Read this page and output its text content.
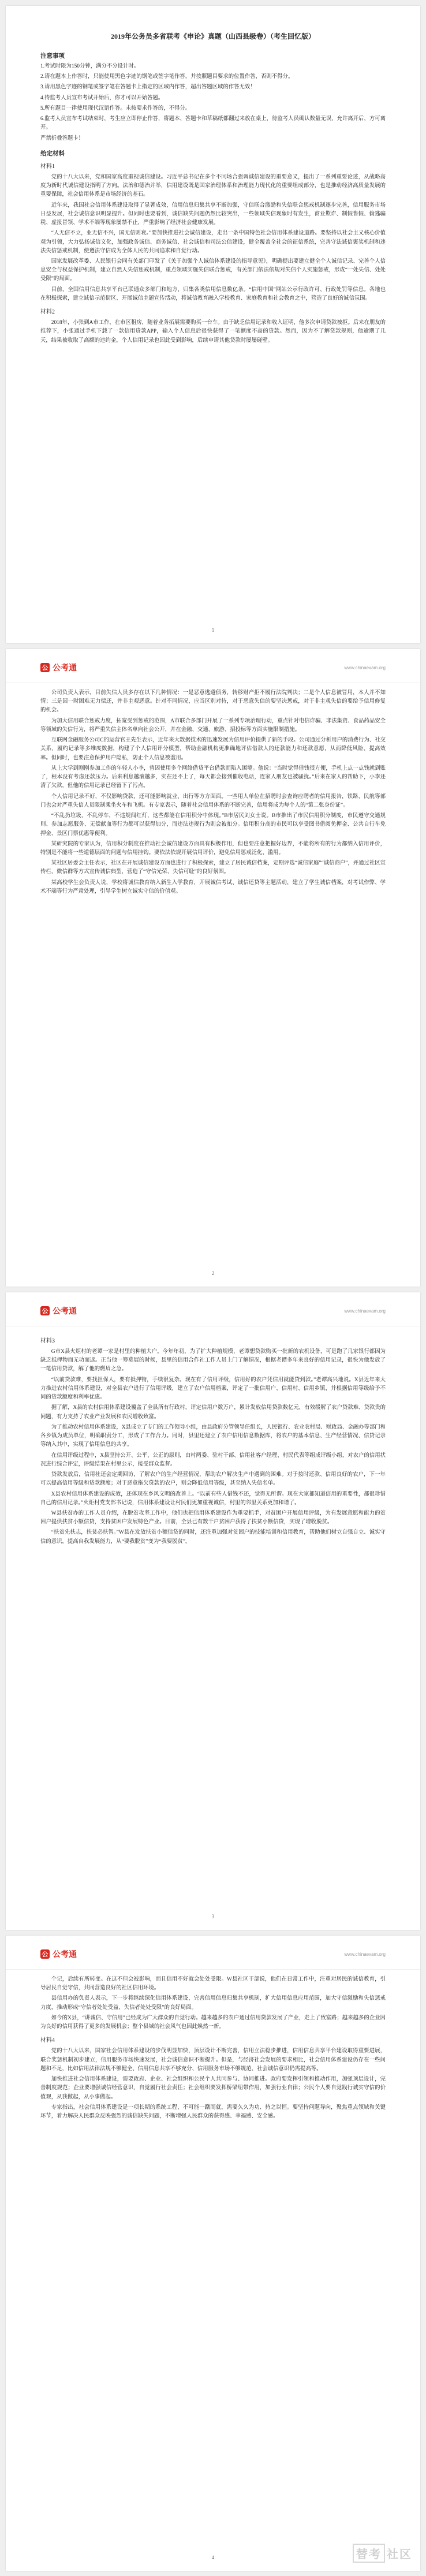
2019年公务员多省联考《申论》真题（山西县级卷）（考生回忆版）
注意事项

1.考试时限为150分钟，满分不分设计时。

2.请在题本上作答时，只能使用黑色字迹的钢笔或签字笔作答，并按照题目要求的位置作答，否则不得分。

3.请用黑色字迹的钢笔或签字笔在答题卡上指定的区域内作答，超出答题区域的作答无效！

4.待监考人员宣布考试开始后，你才可以开始答题。

5.所有题目一律使用现代汉语作答。未按要求作答的，不得分。

6.监考人员宣布考试结束时，考生应立即停止作答，将题本、答题卡和草稿纸都翻过来放在桌上，待监考人员确认数量无误、允许离开后，方可离开。

严禁折叠答题卡！

给定材料
材料1

党的十八大以来，党和国家高度重视诚信建设。习近平总书记在多个不同场合强调诚信建设的重要意义，提出了一系列重要论述，从战略高度为新时代诚信建设指明了方向。法治和德治并举，信用建设既是国家治理体系和治理能力现代化的重要组成部分，也是推动经济高质量发展的重要保障，社会信用体系是市场经济的基石。

近年来，我国社会信用体系建设取得了显著成效，信用信息归集共享不断加强，守信联合激励和失信联合惩戒机制逐步完善，信用服务市场日益发展，社会诚信意识明显提升。但同时也要看到，诚信缺失问题仍然比较突出，一些领域失信现象时有发生，商业欺诈、制假售假、偷逃骗税、虚报冒领、学术不端等现象屡禁不止，严重影响了经济社会健康发展。

“人无信不立，业无信不兴，国无信则衰。”要加快推进社会诚信建设，走出一条中国特色社会信用体系建设道路。要坚持以社会主义核心价值观为引领，大力弘扬诚信文化，加强政务诚信、商务诚信、社会诚信和司法公信建设，健全覆盖全社会的征信系统，完善守法诚信褒奖机制和违法失信惩戒机制，使遵法守信成为全体人民的共同追求和自觉行动。

国家发展改革委、人民银行会同有关部门印发了《关于加强个人诚信体系建设的指导意见》，明确提出要建立健全个人诚信记录、完善个人信息安全与权益保护机制，建立自然人失信惩戒机制，重点领域实施失信联合惩戒，有关部门依法依规对失信个人实施惩戒，形成“一处失信、处处受限”的局面。

目前，全国信用信息共享平台已联通众多部门和地方，归集各类信用信息数亿条。“信用中国”网站公示行政许可、行政处罚等信息。各地也在积极探索，建立诚信示范街区、开展诚信主题宣传活动，将诚信教育融入学校教育、家庭教育和社会教育之中，营造了良好的诚信氛围。

材料2

2018年，小张到A市工作，在市区租房，随着业务拓展需要购买一台车。由于缺乏信用记录和收入证明，他多次申请贷款被拒。后来在朋友的推荐下，小张通过手机下载了一款信用贷款APP，输入个人信息后很快获得了一笔额度不高的贷款。然而，因为不了解贷款规则，他逾期了几天，结果被收取了高额的违约金，个人信用记录也因此受到影响，后续申请其他贷款时屡屡碰壁。

1
公 公考通	www.chinaexam.org

公司负责人表示，目前失信人员多存在以下几种情况：一是恶意逃避债务，转移财产拒不履行法院判决；二是个人信息被冒用，本人并不知情；三是因一时困难无力偿还，并非主观恶意。针对不同情况，应当区别对待，对于恶意失信的要坚决惩戒，对于非主观失信的要给予信用修复的机会。

为加大信用联合惩戒力度，拓宽受到惩戒的范围，A市联合多部门开展了一系列专项治理行动，重点针对电信诈骗、非法集资、食品药品安全等领域的失信行为，将严重失信主体名单向社会公开，并在金融、交通、旅游、招投标等方面实施限制措施。

互联网金融服务公司C的运营官王先生表示，近年来大数据技术的迅速发展为信用评价提供了新的手段。公司通过分析用户的消费行为、社交关系、履约记录等多维度数据，构建了个人信用评分模型，帮助金融机构更准确地评估借款人的还款能力和还款意愿，从而降低风险、提高效率。但同时，也要注意保护用户隐私，防止个人信息被滥用。

从上大学到刚刚参加工作的年轻人小李，曾因使用多个网络借贷平台借款而陷入困境。他说：“当时觉得借钱很方便，手机上点一点钱就到账了，根本没有考虑还款压力。后来利息越滚越多，实在还不上了，每天都会接到催收电话，连家人朋友也被骚扰。”后来在家人的帮助下，小李还清了欠款，但他的信用记录已经留下了污点。

个人信用记录不好，不仅影响贷款，还可能影响就业、出行等方方面面。一些用人单位在招聘时会查询应聘者的信用报告，铁路、民航等部门也会对严重失信人员限制乘坐火车和飞机。有专家表示，随着社会信用体系的不断完善，信用将成为每个人的“第二张身份证”。

“不乱扔垃圾，不乱停车，不违规闯红灯，这些都能在信用积分中体现。”B市居民刘女士说。B市推出了市民信用积分制度，市民遵守交通规则、参加志愿服务、无偿献血等行为都可以获得加分，而违法违规行为则会被扣分。信用积分高的市民可以享受图书借阅免押金、公共自行车免押金、景区门票优惠等便利。

某研究院的专家认为，信用积分制度在推动社会诚信建设方面具有积极作用，但也要注意把握好边界，不能将所有的行为都纳入信用评价，特别是不能将一些道德层面的问题与信用挂钩。要依法依规开展信用评价，避免信用惩戒泛化、滥用。

某社区居委会主任表示，社区在开展诚信建设方面也进行了积极探索，建立了居民诚信档案，定期评选“诚信家庭”“诚信商户”，并通过社区宣传栏、微信群等方式宣传诚信典型，营造了“守信光荣、失信可耻”的良好氛围。

某高校学生会负责人说，学校将诚信教育纳入新生入学教育，开展诚信考试、诚信还贷等主题活动，建立了学生诚信档案，对考试作弊、学术不端等行为严肃处理，引导学生树立诚实守信的价值观。

2
公 公考通	www.chinaexam.org
材料3

G市X县火炬村的老谭一家是村里的种植大户。今年年初，为了扩大种植规模，老谭想贷款购买一批新的农机设备，可是跑了几家银行都因为缺乏抵押物而无功而返。正当他一筹莫展的时候，县里的信用合作社工作人员上门了解情况，根据老谭多年来良好的信用记录，很快为他发放了一笔信用贷款，解了他的燃眉之急。

“以前贷款难，要找担保人，要有抵押物，手续很复杂。现在有了信用评级，信用好的农户凭信用就能贷到款。”老谭高兴地说。X县近年来大力推进农村信用体系建设，对全县农户进行了信用评级，建立了农户信用档案，评定了一批信用户、信用村、信用乡镇，并根据信用等级给予不同的贷款额度和利率优惠。

据了解，X县的农村信用体系建设覆盖了全县所有行政村，评定信用户数万户，累计发放信用贷款数亿元，有效缓解了农户贷款难、贷款贵的问题，有力支持了农业产业发展和农民增收致富。

为了推动农村信用体系建设，X县成立了专门的工作领导小组，由县政府分管领导任组长，人民银行、农业农村局、财政局、金融办等部门和各乡镇为成员单位，明确职责分工，形成了工作合力。同时，县里还建立了农户信用信息数据库，将农户的基本信息、生产经营情况、信贷记录等纳入其中，实现了信用信息的共享。

在信用评级过程中，X县坚持公开、公平、公正的原则，由村两委、驻村干部、信用社客户经理、村民代表等组成评级小组，对农户的信用状况进行综合评定，评级结果在村里公示，接受群众监督。

贷款发放后，信用社还会定期回访，了解农户的生产经营情况，帮助农户解决生产中遇到的困难。对于按时还款、信用良好的农户，下一年可以提高信用等级和贷款额度；对于恶意拖欠贷款的农户，则会降低信用等级，甚至纳入失信名单。

X县农村信用体系建设的成效，还体现在乡风文明的改善上。“以前有些人借钱不还，觉得无所谓。现在大家都知道信用的重要性，都很珍惜自己的信用记录。”火炬村党支部书记说，信用体系建设让村民们更加重视诚信，村里的邻里关系更加和谐了。

W县扶贫办的工作人员介绍，在脱贫攻坚工作中，他们也把信用体系建设作为重要抓手，对贫困户开展信用评级，为有发展意愿和能力的贫困户提供扶贫小额信贷，支持贫困户发展特色产业。目前，全县已有数千户贫困户获得了扶贫小额信贷，实现了增收脱贫。

“扶贫先扶志，扶贫必扶智。”W县在发放扶贫小额信贷的同时，还注重加强对贫困户的技能培训和信用教育，帮助他们树立自强自立、诚实守信的意识，提高自我发展能力，从“要我脱贫”变为“我要脱贫”。

3
公 公考通	www.chinaexam.org

个记，后续有所转变。在这不但会被影响，而且信用不好就会处处受限。W县社区干部说，他们在日常工作中，注重对居民的诚信教育，引导居民自觉守信，共同营造良好的社区信用环境。

县信用办的负责人表示，下一步将继续深化信用体系建设，完善信用信息归集共享机制，扩大信用信息应用范围，加大守信激励和失信惩戒力度，推动形成“守信者处处受益、失信者处处受限”的良好局面。

如今的X县，“讲诚信、守信用”已经成为广大群众的自觉行动。越来越多的农户通过信用贷款发展了产业，走上了致富路；越来越多的企业因为良好的信用获得了更多的发展机会；整个县城的社会风气也因此焕然一新。

材料4

党的十八大以来，国家社会信用体系建设的步伐明显加快，顶层设计不断完善，信用立法稳步推进，信用信息共享平台建设取得重要进展，联合奖惩机制初步建立，信用服务市场快速发展，社会诚信意识不断提升。但是，与经济社会发展的要求相比，社会信用体系建设仍存在一些问题和不足，比如信用法律法规不够健全、信用信息共享不够充分、信用服务市场不够规范、社会诚信意识仍需提高等。

加快推进社会信用体系建设，需要政府、企业、社会组织和公民个人共同参与、协同推进。政府要发挥引领和推动作用，加强顶层设计，完善制度规范；企业要增强诚信经营意识，自觉履行社会责任；社会组织要发挥桥梁纽带作用，加强行业自律；公民个人要自觉践行诚实守信的价值观，从我做起，从小事做起。

专家指出，社会信用体系建设是一项长期的系统工程，不可能一蹴而就，需要久久为功、持之以恒。要坚持问题导向，聚焦重点领域和关键环节，着力解决人民群众反映强烈的诚信缺失问题，不断增强人民群众的获得感、幸福感、安全感。

4	替考 社区
